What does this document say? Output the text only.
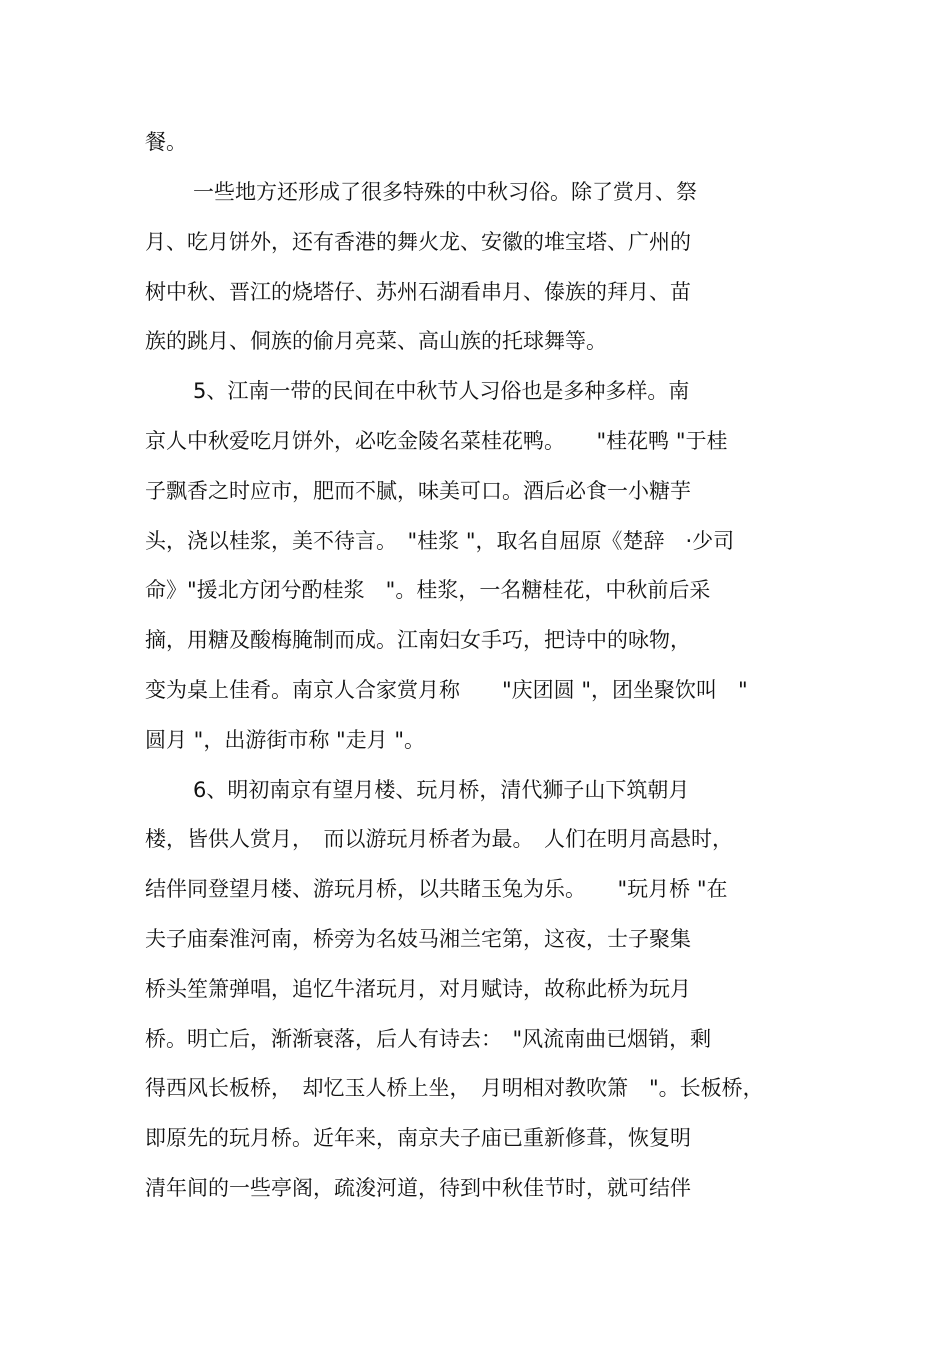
餐。
一些地方还形成了很多特殊的中秋习俗。除了赏月、祭
月、吃月饼外，还有香港的舞火龙、安徽的堆宝塔、广州的
树中秋、晋江的烧塔仔、苏州石湖看串月、傣族的拜月、苗
族的跳月、侗族的偷月亮菜、高山族的托球舞等。
5、江南一带的民间在中秋节人习俗也是多种多样。南
京人中秋爱吃月饼外，必吃金陵名菜桂花鸭。　　"桂花鸭 "于桂
子飘香之时应市，肥而不腻，味美可口。酒后必食一小糖芋
头，浇以桂浆，美不待言。　"桂浆 "，取名自屈原《楚辞　·少司
命》"援北方闭兮酌桂浆　"。桂浆，一名糖桂花，中秋前后采
摘，用糖及酸梅腌制而成。江南妇女手巧，把诗中的咏物，
变为桌上佳肴。南京人合家赏月称　　"庆团圆 "，团坐聚饮叫　"
圆月 "，出游街市称 "走月 "。
6、明初南京有望月楼、玩月桥，清代狮子山下筑朝月
楼，皆供人赏月，　而以游玩月桥者为最。　人们在明月高悬时，
结伴同登望月楼、游玩月桥，以共睹玉兔为乐。　　"玩月桥 "在
夫子庙秦淮河南，桥旁为名妓马湘兰宅第，这夜，士子聚集
桥头笙箫弹唱，追忆牛渚玩月，对月赋诗，故称此桥为玩月
桥。明亡后，渐渐衰落，后人有诗去：　"风流南曲已烟销，剩
得西风长板桥，　却忆玉人桥上坐，　月明相对教吹箫　"。长板桥，
即原先的玩月桥。近年来，南京夫子庙已重新修葺，恢复明
清年间的一些亭阁，疏浚河道，待到中秋佳节时，就可结伴
